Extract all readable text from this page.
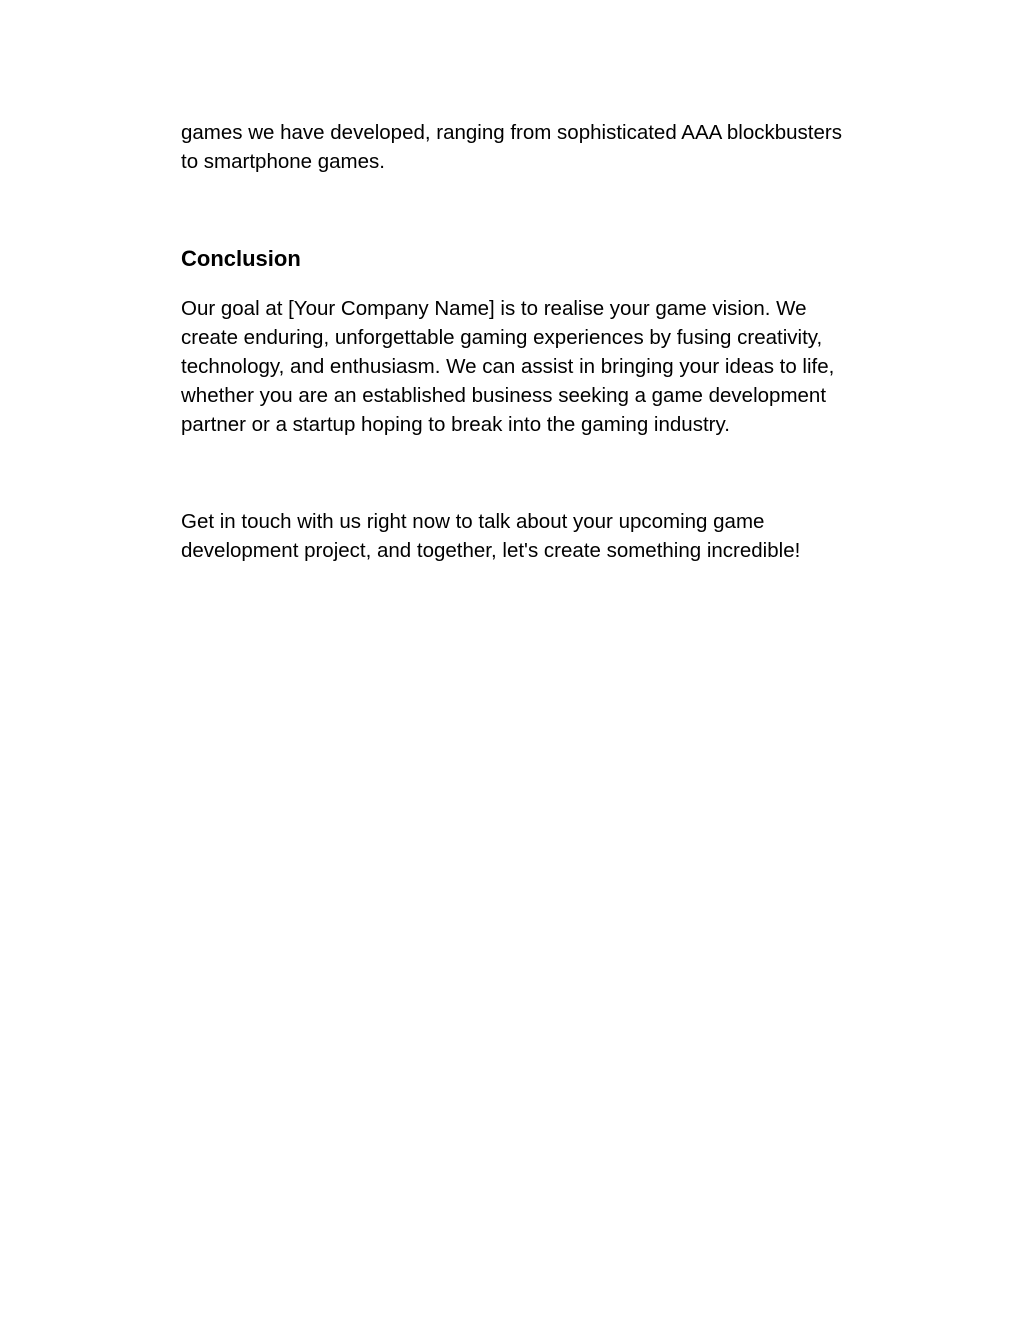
games we have developed, ranging from sophisticated AAA blockbusters
to smartphone games.

Conclusion

Our goal at [Your Company Name] is to realise your game vision. We
create enduring, unforgettable gaming experiences by fusing creativity,
technology, and enthusiasm. We can assist in bringing your ideas to life,
whether you are an established business seeking a game development
partner or a startup hoping to break into the gaming industry.

Get in touch with us right now to talk about your upcoming game
development project, and together, let's create something incredible!
